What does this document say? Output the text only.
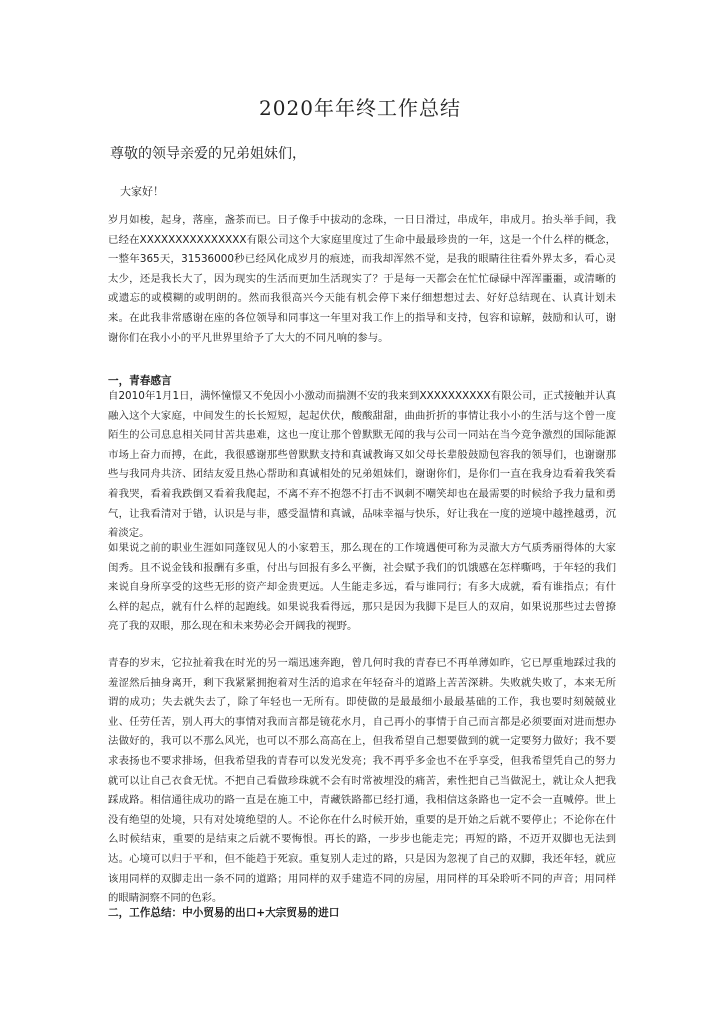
2020年年终工作总结
尊敬的领导亲爱的兄弟姐妹们，
大家好！

岁月如梭，起身，落座，盏茶而已。日子像手中拔动的念珠，一日日滑过，串成年，串成月。抬头举手间，我已经在XXXXXXXXXXXXXXX有限公司这个大家庭里度过了生命中最最珍贵的一年，这是一个什么样的概念，一整年365天，31536000秒已经风化成岁月的痕迹，而我却浑然不觉，是我的眼睛往往看外界太多，看心灵太少，还是我长大了，因为现实的生活而更加生活现实了？于是每一天都会在忙忙碌碌中浑浑噩噩，或清晰的或遗忘的或模糊的或明朗的。然而我很高兴今天能有机会停下来仔细想想过去、好好总结现在、认真计划未来。在此我非常感谢在座的各位领导和同事这一年里对我工作上的指导和支持，包容和谅解，鼓励和认可，谢谢你们在我小小的平凡世界里给予了大大的不同凡响的参与。

一，青春感言

自2010年1月1日，满怀憧憬又不免因小小激动而揣测不安的我来到XXXXXXXXXX有限公司，正式接触并认真融入这个大家庭，中间发生的长长短短，起起伏伏，酸酸甜甜，曲曲折折的事情让我小小的生活与这个曾一度陌生的公司息息相关同甘苦共患难，这也一度让那个曾默默无闻的我与公司一同站在当今竞争激烈的国际能源市场上奋力而搏，在此，我很感谢那些曾默默支持和真诚教诲又如父母长辈般鼓励包容我的领导们，也谢谢那些与我同舟共济、团结友爱且热心帮助和真诚相处的兄弟姐妹们，谢谢你们，是你们一直在我身边看着我笑看着我哭，看着我跌倒又看着我爬起，不离不弃不抱怨不打击不讽刺不嘲笑却也在最需要的时候给予我力量和勇气，让我看清对于错，认识是与非，感受温情和真诚，品味幸福与快乐，好让我在一度的逆境中越挫越勇，沉着淡定。

如果说之前的职业生涯如同蓬钗见人的小家碧玉，那么现在的工作境遇便可称为灵澈大方气质秀丽得体的大家闺秀。且不说金钱和报酬有多重，付出与回报有多么平衡，社会赋予我们的饥饿感在怎样嘶鸣，于年轻的我们来说自身所享受的这些无形的资产却金贵更远。人生能走多远，看与谁同行；有多大成就，看有谁指点；有什么样的起点，就有什么样的起跑线。如果说我看得远，那只是因为我脚下是巨人的双肩，如果说那些过去曾撩亮了我的双眼，那么现在和未来势必会开阔我的视野。

青春的岁末，它拉扯着我在时光的另一端迅速奔跑，曾几何时我的青春已不再单薄如昨，它已厚重地踩过我的羞涩然后抽身离开，剩下我紧紧拥抱着对生活的追求在年轻奋斗的道路上苦苦深耕。失败就失败了，本来无所谓的成功；失去就失去了，除了年轻也一无所有。即使做的是最最细小最最基础的工作，我也要时刻兢兢业业、任劳任苦，别人再大的事情对我而言都是镜花水月，自己再小的事情于自己而言都是必须要面对进而想办法做好的，我可以不那么风光，也可以不那么高高在上，但我希望自己想要做到的就一定要努力做好；我不要求表扬也不要求排场，但我希望我的青春可以发光发亮；我不再乎多金也不在乎享受，但我希望凭自己的努力就可以让自己衣食无忧。不把自己看做珍珠就不会有时常被埋没的痛苦，索性把自己当做泥土，就让众人把我踩成路。相信通往成功的路一直是在施工中，青藏铁路都已经打通，我相信这条路也一定不会一直喊停。世上没有绝望的处境，只有对处境绝望的人。不论你在什么时候开始，重要的是开始之后就不要停止；不论你在什么时候结束，重要的是结束之后就不要悔恨。再长的路，一步步也能走完；再短的路，不迈开双脚也无法到达。心境可以归于平和，但不能趋于死寂。重复别人走过的路，只是因为忽视了自己的双脚，我还年轻，就应该用同样的双脚走出一条不同的道路；用同样的双手建造不同的房屋，用同样的耳朵聆听不同的声音；用同样的眼睛洞察不同的色彩。

二，工作总结：中小贸易的出口+大宗贸易的进口
